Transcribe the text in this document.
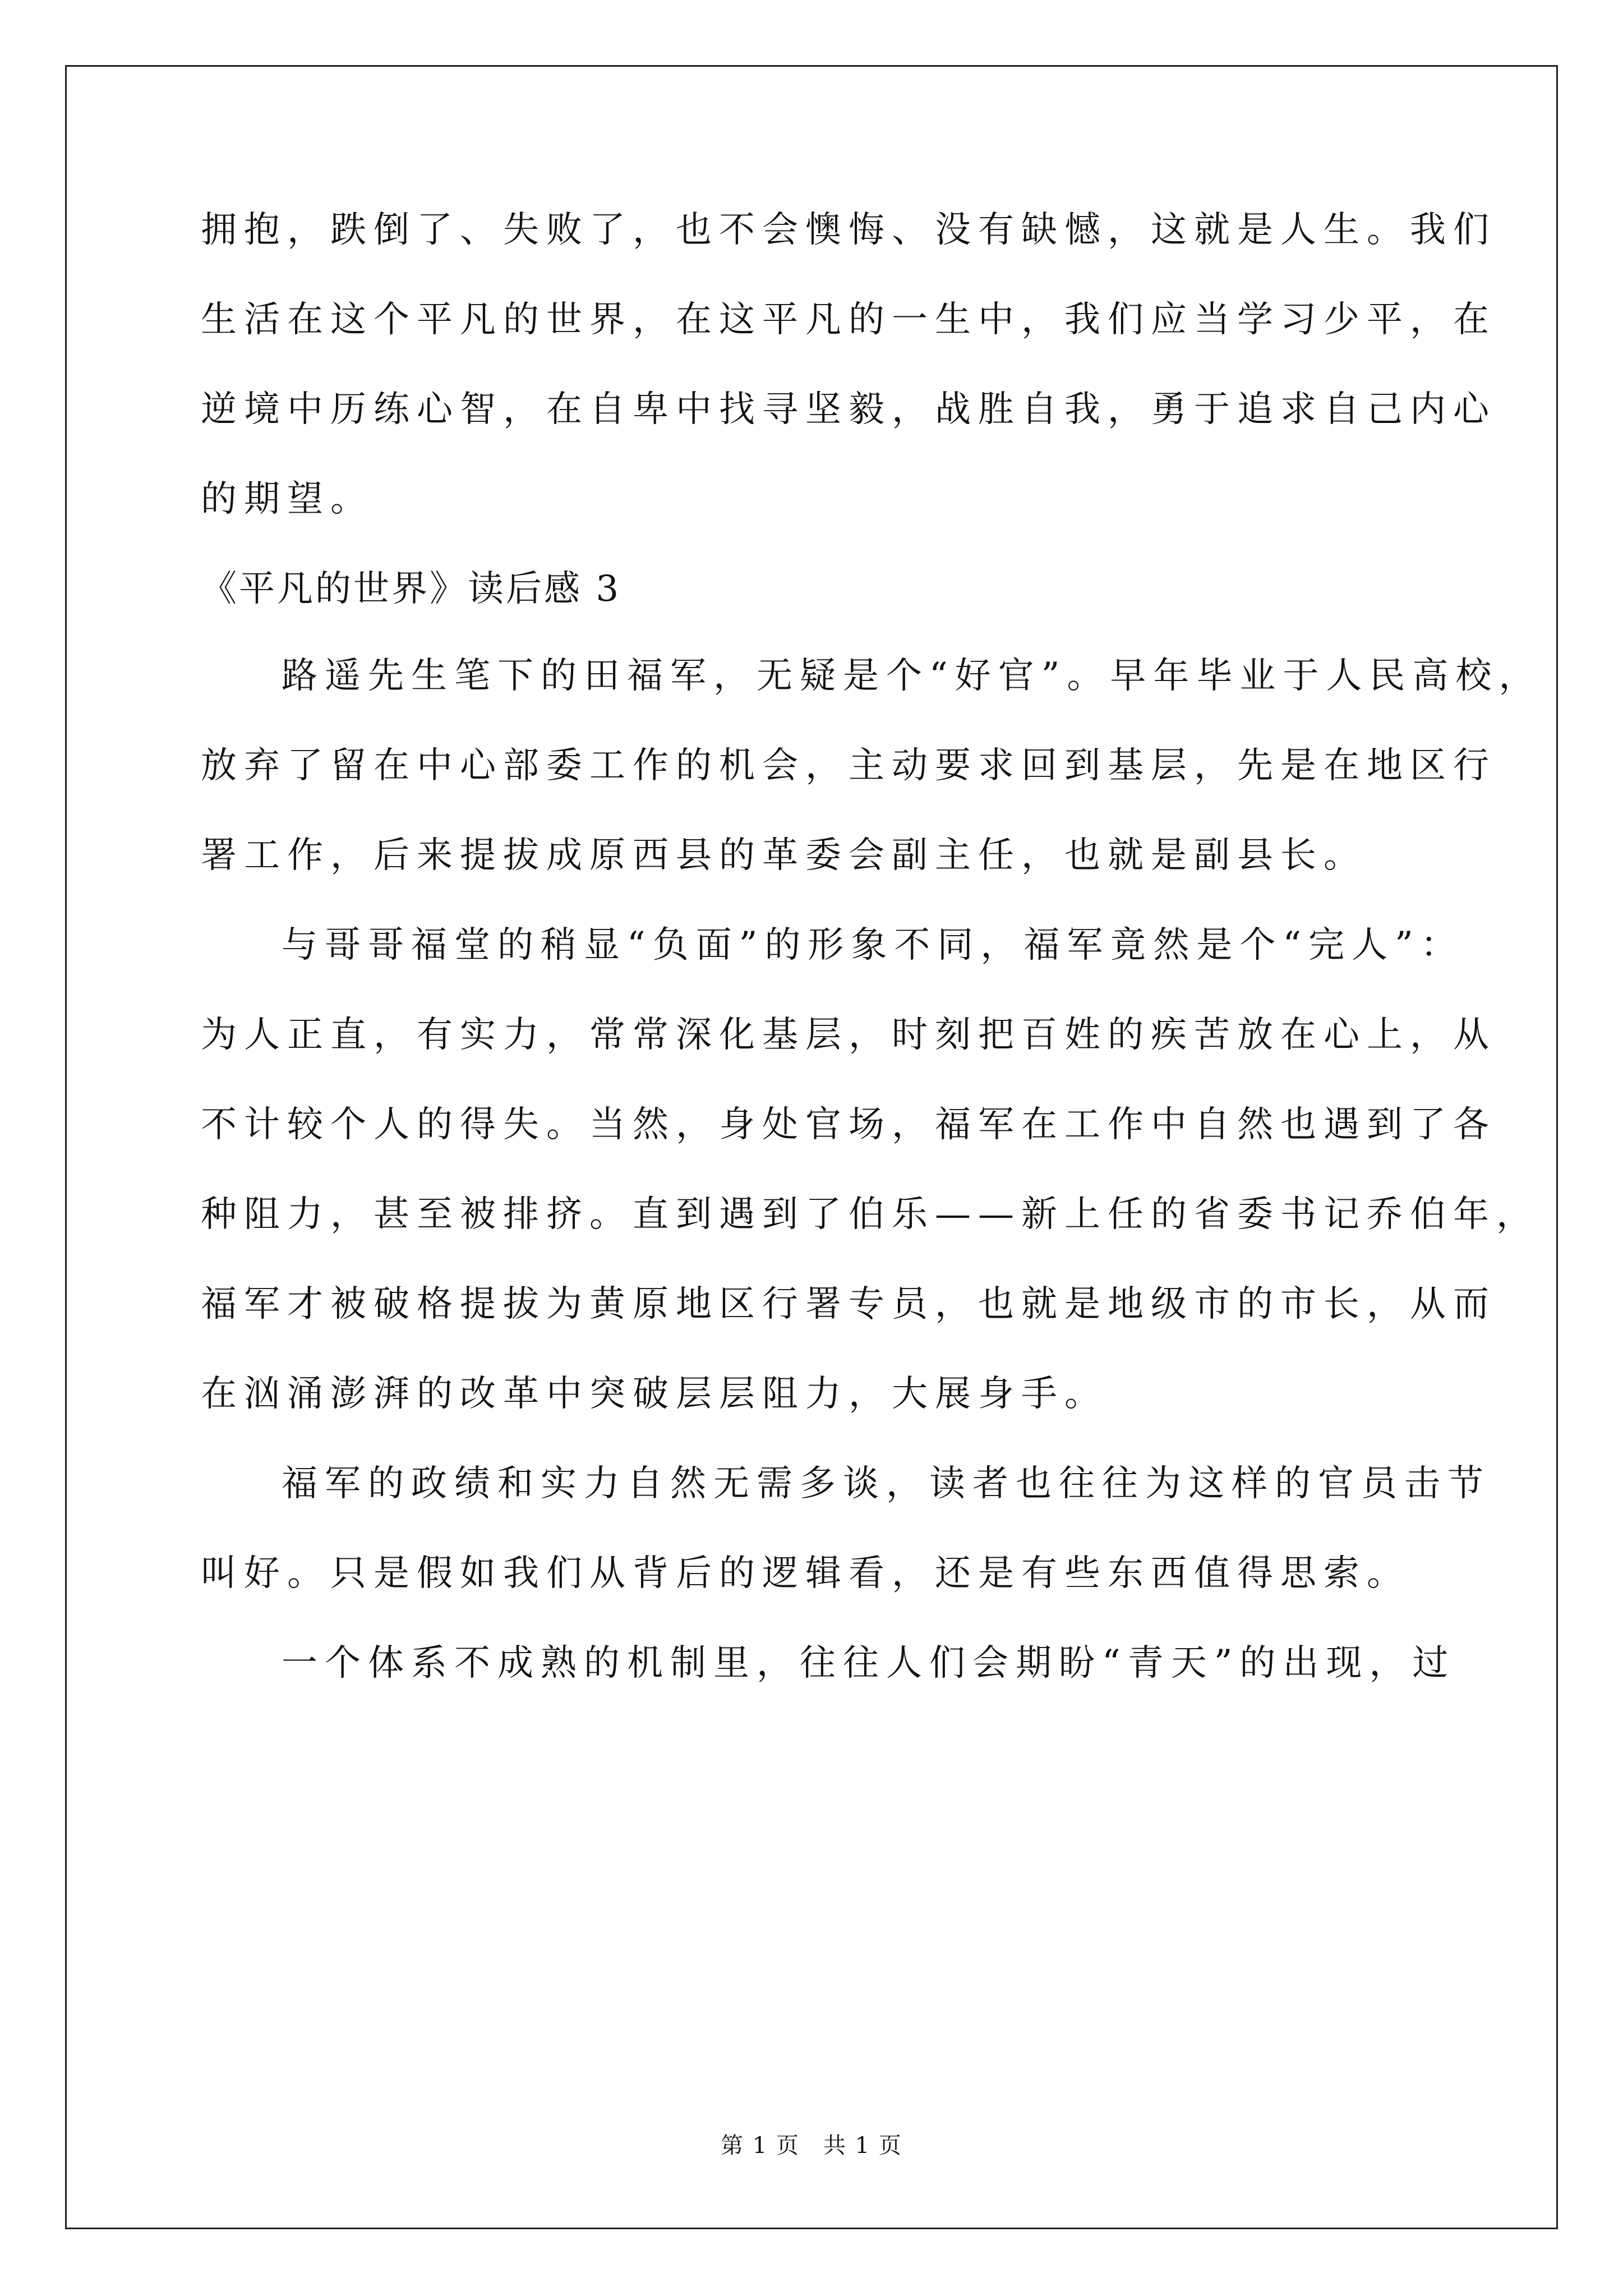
拥抱，跌倒了、失败了，也不会懊悔、没有缺憾，这就是人生。我们
生活在这个平凡的世界，在这平凡的一生中，我们应当学习少平，在
逆境中历练心智，在自卑中找寻坚毅，战胜自我，勇于追求自己内心
的期望。
《平凡的世界》读后感 3
路遥先生笔下的田福军，无疑是个“好官”。早年毕业于人民高校，
放弃了留在中心部委工作的机会，主动要求回到基层，先是在地区行
署工作，后来提拔成原西县的革委会副主任，也就是副县长。
与哥哥福堂的稍显“负面”的形象不同，福军竟然是个“完人”：
为人正直，有实力，常常深化基层，时刻把百姓的疾苦放在心上，从
不计较个人的得失。当然，身处官场，福军在工作中自然也遇到了各
种阻力，甚至被排挤。直到遇到了伯乐——新上任的省委书记乔伯年，
福军才被破格提拔为黄原地区行署专员，也就是地级市的市长，从而
在汹涌澎湃的改革中突破层层阻力，大展身手。
福军的政绩和实力自然无需多谈，读者也往往为这样的官员击节
叫好。只是假如我们从背后的逻辑看，还是有些东西值得思索。
一个体系不成熟的机制里，往往人们会期盼“青天”的出现，过
第 1 页　共 1 页
